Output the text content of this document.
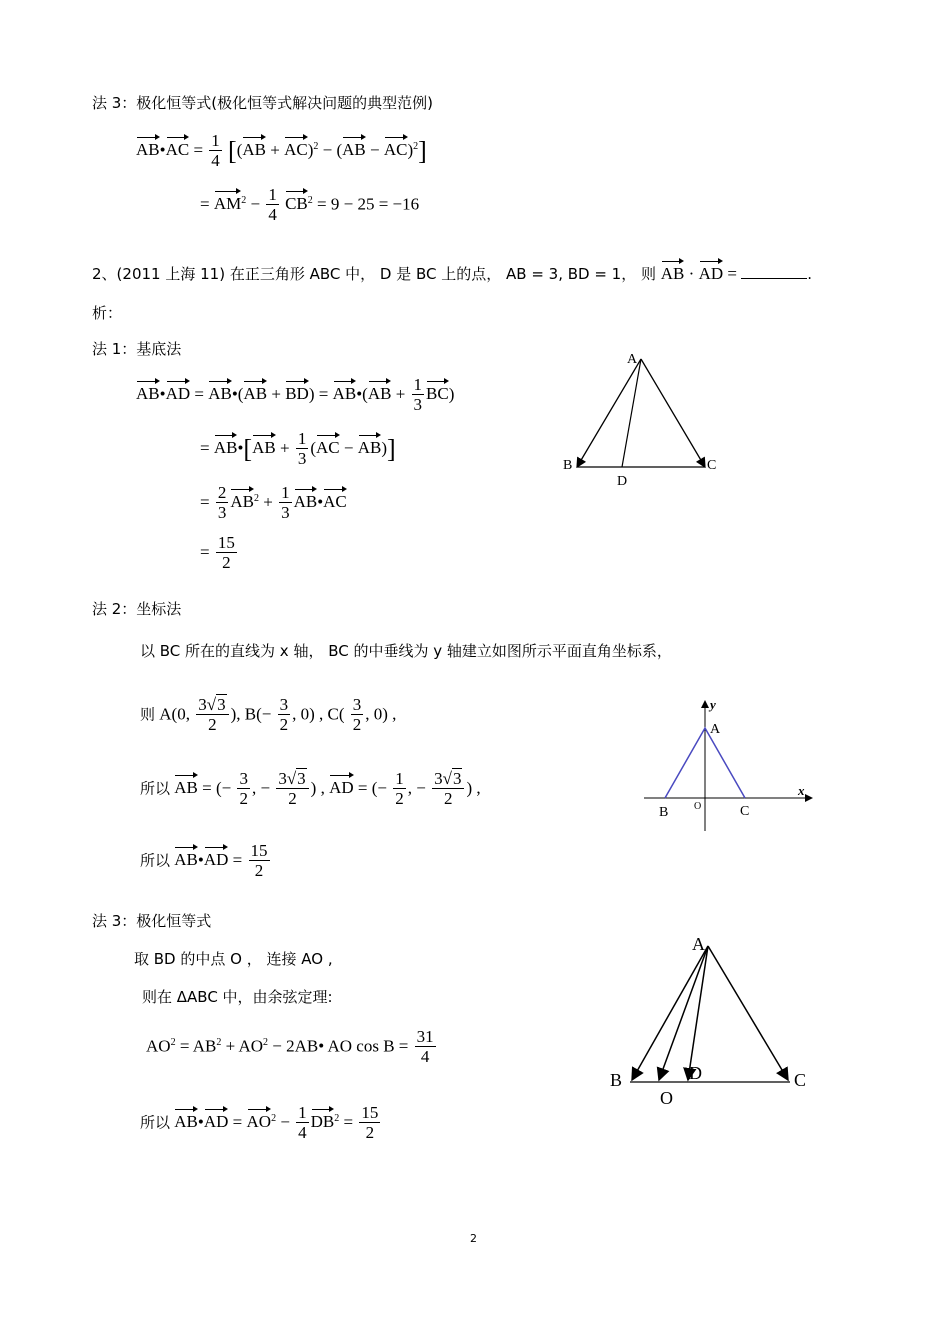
法 3：极化恒等式(极化恒等式解决问题的典型范例)
AB•AC = $\frac{1}{4} [(AB + AC)^2 - (AB - AC)^2]$
= $AM^2 - \frac{1}{4} CB^2 = 9 - 25 = -16$
2、(2011 上海 11) 在正三角形 ABC 中， D 是 BC 上的点， AB = 3, BD = 1， 则 AB · AD =	.
析：
法 1：基底法
AB•AD = AB•(AB + BD) = AB•(AB + $\frac{1}{3} BC$)
= AB•[AB + $\frac{1}{3} (AC - AB)$]
= $\frac{2}{3} AB^2 + \frac{1}{3}$ AB•AC
= $\frac{15}{2}$
A
B	C
D
法 2：坐标法
以 BC 所在的直线为 x 轴， BC 的中垂线为 y 轴建立如图所示平面直角坐标系，
则 A(0, $\frac{3√3}{2}$ ), $B(- \frac{3}{2}$ , 0) , $C( \frac{3}{2}$ , 0) ,
所以 AB = (− $\frac{3}{2}$ , − $\frac{3√3}{2}$ ) , AD = (− $\frac{1}{2}$ , − $\frac{3√3}{2}$ ) ,
所以 AB•AD = $\frac{15}{2}$
y
x
A
B	C
O
法 3：极化恒等式
取 BD 的中点 O ， 连接 AO ,
则在 ΔABC 中，由余弦定理:
$AO^2 = AB^2 + AO^2$ − 2AB• AO $\cos B = \frac{31}{4}$
所以 AB•AD = $AO^2 - \frac{1}{4} DB^2 = \frac{15}{2}$
A
B	C
D
O
2
